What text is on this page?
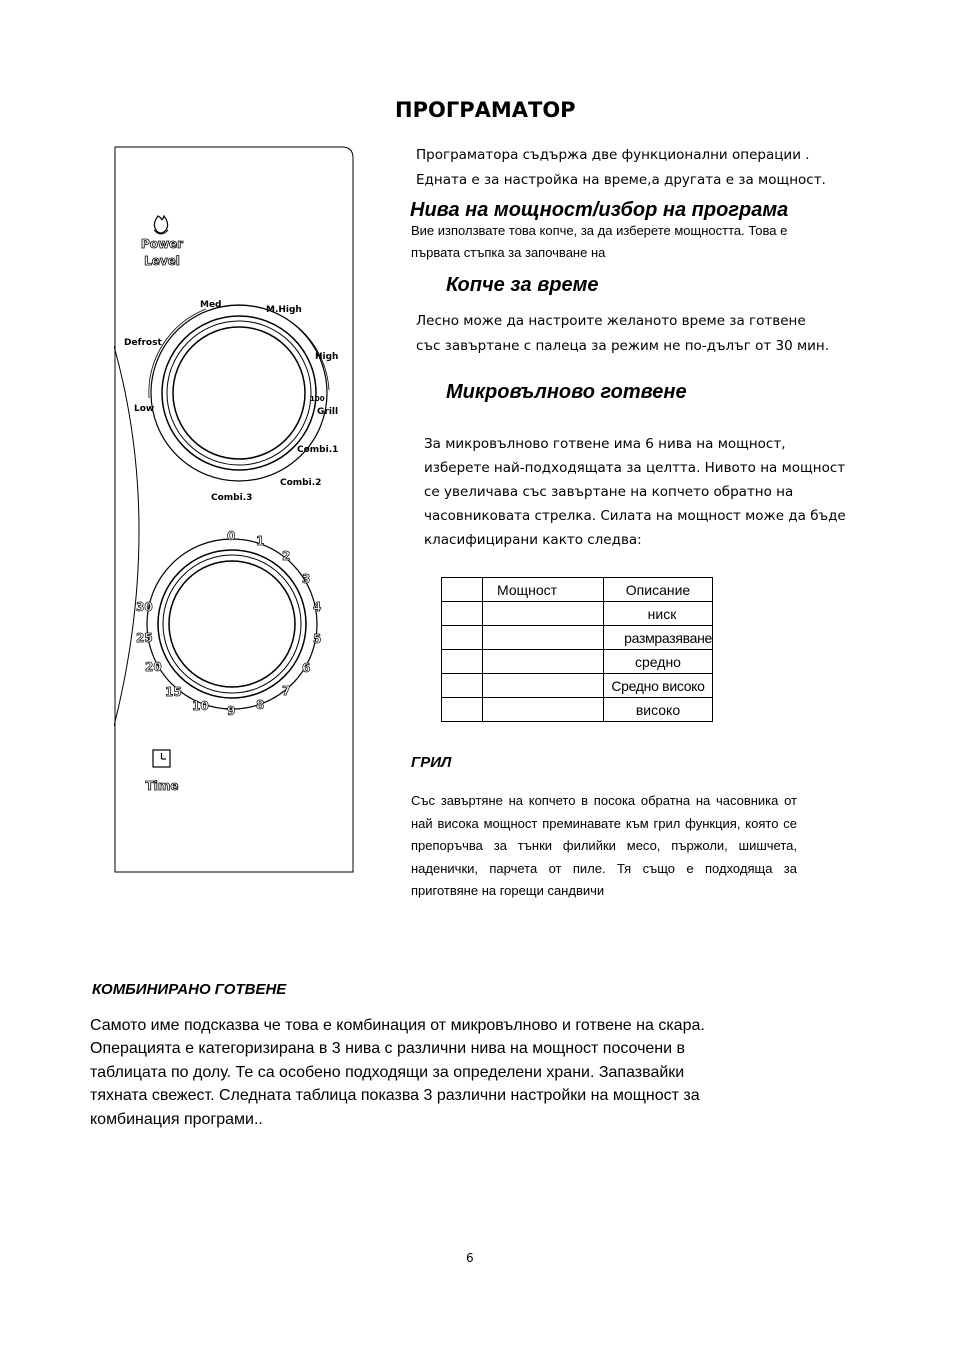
ПРОГРАМАТОР
Power
Level
Med	M.High
Defrost
High
Low
100
Grill
Combi.1
Combi.2
Combi.3
0 1
2
3
4
5
6
7
8
9
10
15
20
25
30
Time
Програматора съдържа две функционални операции .
Едната е за настройка на време,а другата е за мощност.
Нива на мощност/избор на програма
Вие използвате това копче, за да изберете мощността. Това е
първата стъпка за започване на
Копче за време
Лесно може да настроите желаното време за готвене
със завъртане с палеца за режим не по-дълъг от 30 мин.
Микровълново готвене
За микровълново готвене има 6 нива на мощност,
изберете най-подходящата за целтта. Нивото на мощност
се увеличава със завъртане на копчето обратно на
часовниковата стрелка. Силата на мощност може да бъде
класифицирани както следва:
	Мощност	Описание
		ниск
		размразяване
		средно
		Средно високо
		високо
ГРИЛ
Със завъртяне на копчето в посока обратна на часовника от най висока мощност преминавате към грил функция, която се препоръчва за тънки филийки месо, пържоли, шишчета, наденички, парчета от пиле. Тя също е подходяща за приготвяне на горещи сандвичи
КОМБИНИРАНО ГОТВЕНЕ
Самото име подсказва че това е комбинация от микровълново и готвене на скара.
Операцията е категоризирана в 3 нива с различни нива на мощност посочени в
таблицата по долу. Те са особено подходящи за определени храни. Запазвайки
тяхната свежест. Следната таблица показва 3 различни настройки на мощност за
комбинация програми..
6
